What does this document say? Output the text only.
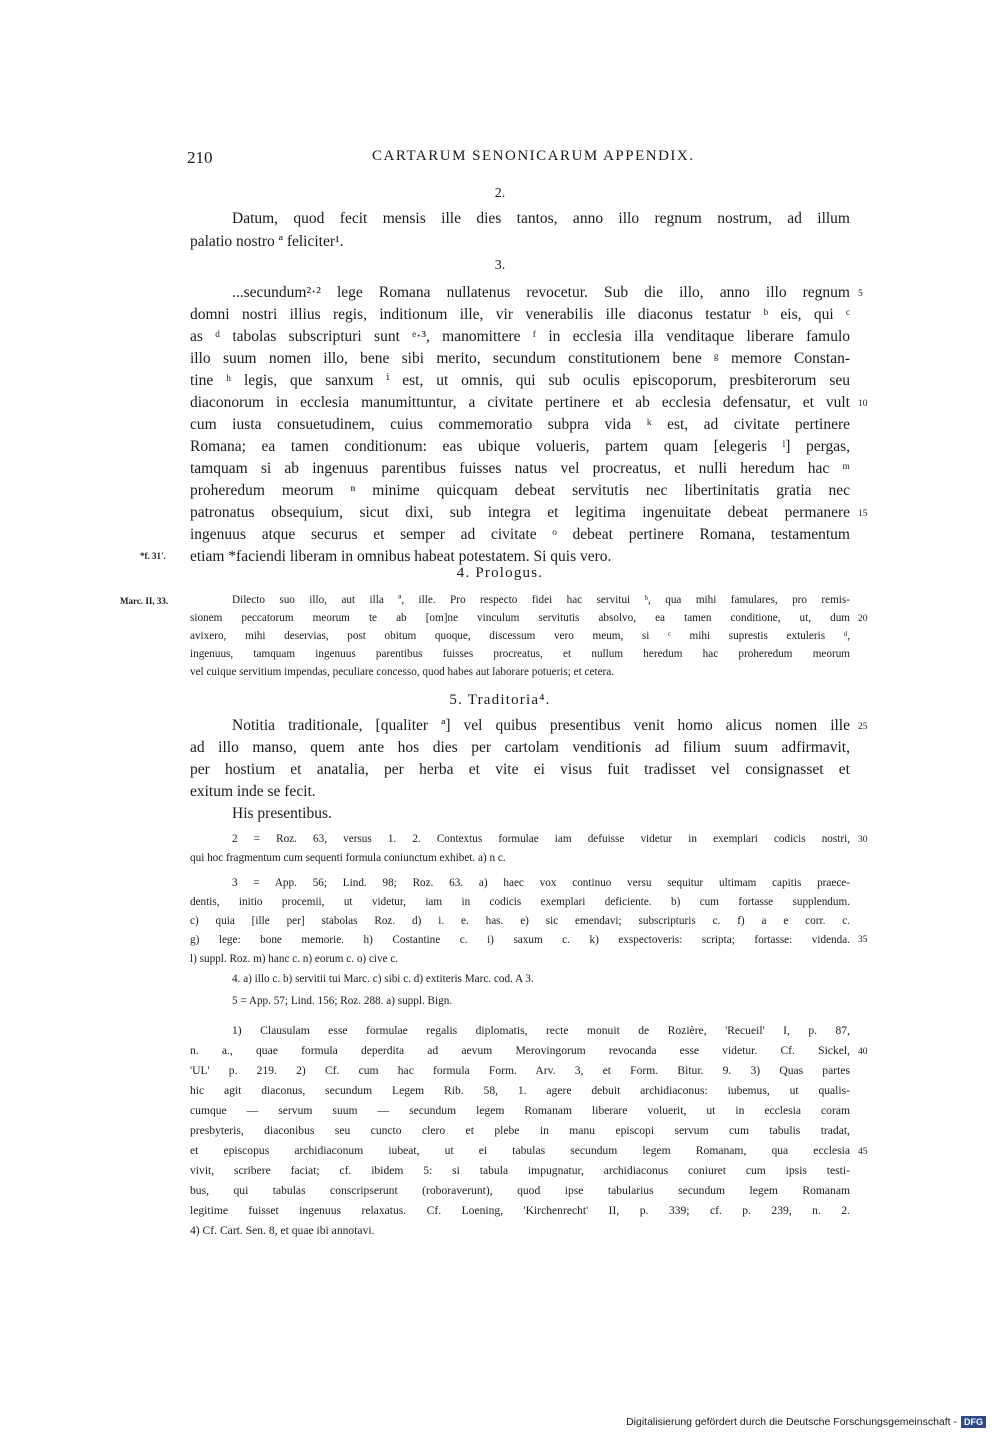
210	CARTARUM SENONICARUM APPENDIX.
2.
Datum, quod fecit mensis ille dies tantos, anno illo regnum nostrum, ad illum
palatio nostro ª feliciter¹.
3.
...secundum²·² lege Romana nullatenus revocetur. Sub die illo, anno illo regnum
domni nostri illius regis, inditionum ille, vir venerabilis ille diaconus testatur ᵇ eis, qui ᶜ
as ᵈ tabolas subscripturi sunt ᵉ·³, manomittere ᶠ in ecclesia illa venditaque liberare famulo
illo suum nomen illo, bene sibi merito, secundum constitutionem bene ᵍ memore Constan-
tine ʰ legis, que sanxum ⁱ est, ut omnis, qui sub oculis episcoporum, presbiterorum seu
diaconorum in ecclesia manumittuntur, a civitate pertinere et ab ecclesia defensatur, et vult
cum iusta consuetudinem, cuius commemoratio subpra vida ᵏ est, ad civitate pertinere
Romana; ea tamen conditionum: eas ubique volueris, partem quam [elegeris ˡ] pergas,
tamquam si ab ingenuus parentibus fuisses natus vel procreatus, et nulli heredum hac ᵐ
proheredum meorum ⁿ minime quicquam debeat servitutis nec libertinitatis gratia nec
patronatus obsequium, sicut dixi, sub integra et legitima ingenuitate debeat permanere
ingenuus atque securus et semper ad civitate ᵒ debeat pertinere Romana, testamentum
etiam *faciendi liberam in omnibus habeat potestatem. Si quis vero.
5
10
15
*f. 31'.
4. Prologus.
Marc. II, 33.	Dilecto suo illo, aut illa ª, ille. Pro respecto fidei hac servitui ᵇ, qua mihi famulares, pro remis-
sionem peccatorum meorum te ab [om]ne vinculum servitutis absolvo, ea tamen conditione, ut, dum
avixero, mihi deservias, post obitum quoque, discessum vero meum, si ᶜ mihi suprestis extuleris ᵈ,
ingenuus, tamquam ingenuus parentibus fuisses procreatus, et nullum heredum hac proheredum meorum
vel cuique servitium impendas, peculiare concesso, quod habes aut laborare potueris; et cetera.
20
5. Traditoria⁴.
Notitia traditionale, [qualiter ª] vel quibus presentibus venit homo alicus nomen ille
ad illo manso, quem ante hos dies per cartolam venditionis ad filium suum adfirmavit,
per hostium et anatalia, per herba et vite ei visus fuit tradisset vel consignasset et
exitum inde se fecit.
His presentibus.
25
2 = Roz. 63, versus 1. 2. Contextus formulae iam defuisse videtur in exemplari codicis nostri,
qui hoc fragmentum cum sequenti formula coniunctum exhibet. a) n c.
3 = App. 56; Lind. 98; Roz. 63. a) haec vox continuo versu sequitur ultimam capitis praece-
dentis, initio procemii, ut videtur, iam in codicis exemplari deficiente. b) cum fortasse supplendum.
c) quia [ille per] stabolas Roz. d) i. e. has. e) sic emendavi; subscripturis c. f) a e corr. c.
g) lege: bone memorie. h) Costantine c. i) saxum c. k) exspectoveris: scripta; fortasse: videnda.
l) suppl. Roz. m) hanc c. n) eorum c. o) cive c.
4. a) illo c. b) servitii tui Marc. c) sibi c. d) extiteris Marc. cod. A 3.
5 = App. 57; Lind. 156; Roz. 288. a) suppl. Bign.
30
35
1) Clausulam esse formulae regalis diplomatis, recte monuit de Rozière, 'Recueil' I, p. 87,
n. a., quae formula deperdita ad aevum Merovingorum revocanda esse videtur. Cf. Sickel,
'UL' p. 219. 2) Cf. cum hac formula Form. Arv. 3, et Form. Bitur. 9. 3) Quas partes
hic agit diaconus, secundum Legem Rib. 58, 1. agere debuit archidiaconus: iubemus, ut qualis-
cumque — servum suum — secundum legem Romanam liberare voluerit, ut in ecclesia coram
presbyteris, diaconibus seu cuncto clero et plebe in manu episcopi servum cum tabulis tradat,
et episcopus archidiaconum iubeat, ut ei tabulas secundum legem Romanam, qua ecclesia
vivit, scribere faciat; cf. ibidem 5: si tabula impugnatur, archidiaconus coniuret cum ipsis testi-
bus, qui tabulas conscripserunt (roboraverunt), quod ipse tabularius secundum legem Romanam
legitime fuisset ingenuus relaxatus. Cf. Loening, 'Kirchenrecht' II, p. 339; cf. p. 239, n. 2.
4) Cf. Cart. Sen. 8, et quae ibi annotavi.
40
45
Digitalisierung gefördert durch die Deutsche Forschungsgemeinschaft - DFG
